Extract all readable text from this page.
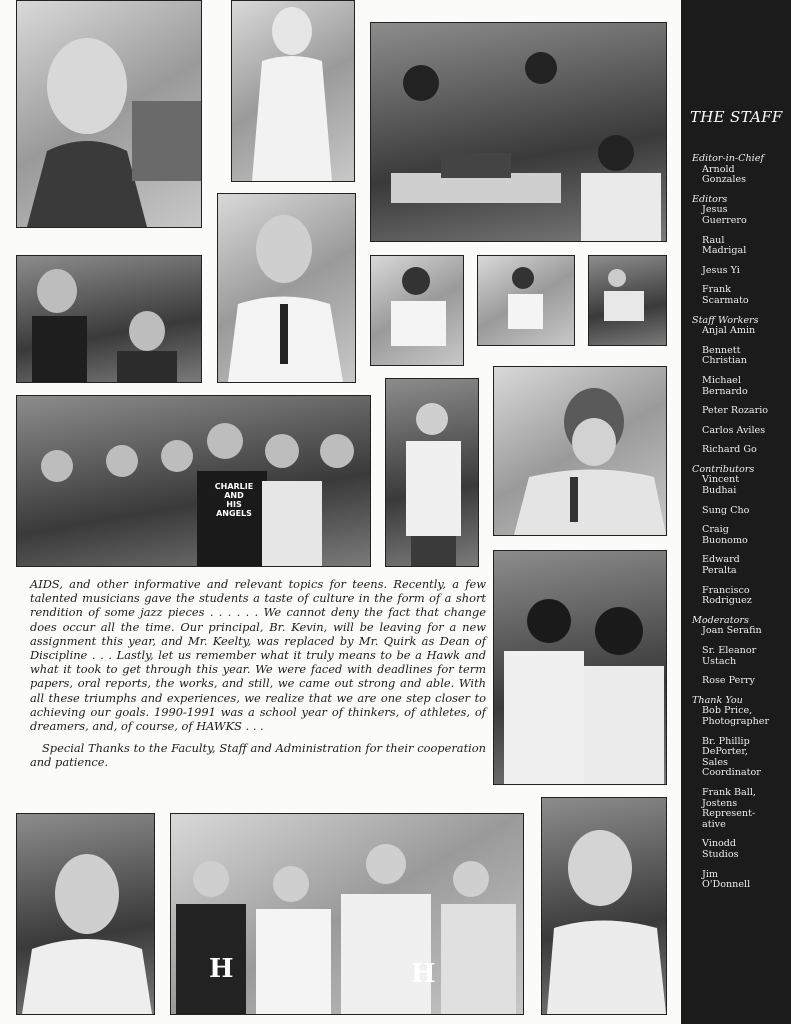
CHARLIE
AND
HIS
ANGELS
H	H

AIDS, and other informative and relevant topics for teens. Recently, a few talented musicians gave the students a taste of culture in the form of a short rendition of some jazz pieces . . . . . . We cannot deny the fact that change does occur all the time. Our principal, Br. Kevin, will be leaving for a new assignment this year, and Mr. Keelty, was replaced by Mr. Quirk as Dean of Discipline . . . Lastly, let us remember what it truly means to be a Hawk and what it took to get through this year. We were faced with deadlines for term papers, oral reports, the works, and still, we came out strong and able. With all these triumphs and experiences, we realize that we are one step closer to achieving our goals. 1990-1991 was a school year of thinkers, of athletes, of dreamers, and, of course, of HAWKS . . .

Special Thanks to the Faculty, Staff and Administration for their cooperation and patience.

THE STAFF
Editor-in-Chief
Arnold
Gonzales
Editors
Jesus
Guerrero
Raul
Madrigal
Jesus Yi
Frank
Scarmato
Staff Workers
Anjal Amin
Bennett
Christian
Michael
Bernardo
Peter Rozario
Carlos Aviles
Richard Go
Contributors
Vincent
Budhai
Sung Cho
Craig
Buonomo
Edward
Peralta
Francisco
Rodriguez
Moderators
Joan Serafin
Sr. Eleanor
Ustach
Rose Perry
Thank You
Bob Price,
Photographer
Br. Phillip
DePorter,
Sales
Coordinator
Frank Ball,
Jostens
Represent-
ative
Vinodd
Studios
Jim
O'Donnell
